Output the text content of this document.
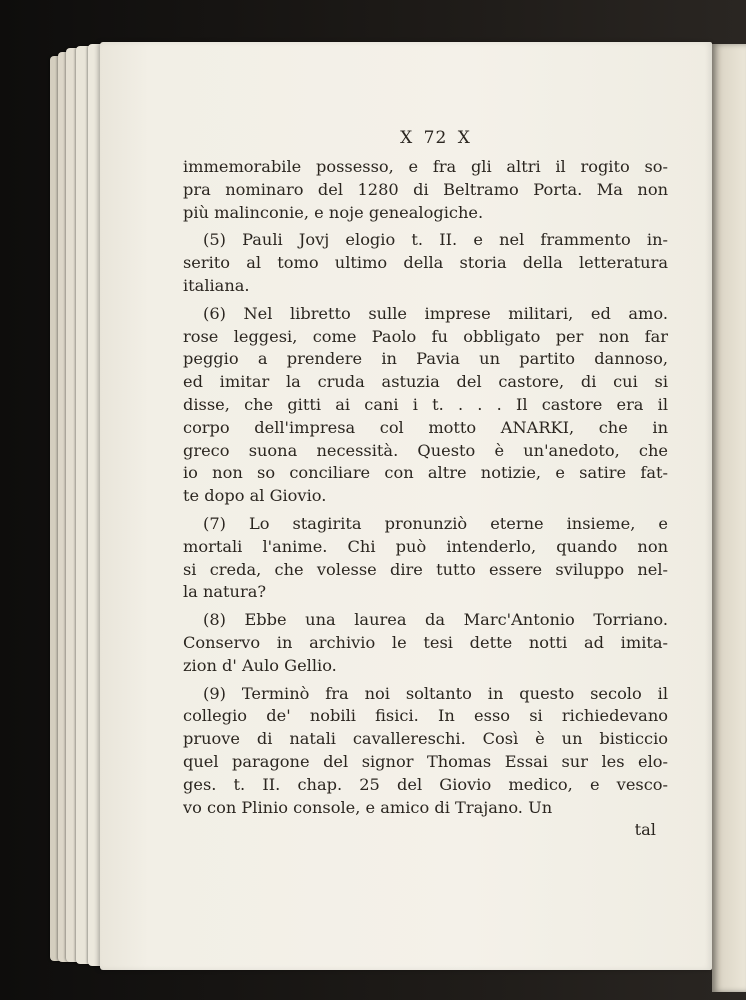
X 72 X
immemorabile possesso, e fra gli altri il rogito so-
pra nominaro del 1280 di Beltramo Porta. Ma non
più malinconie, e noje genealogiche.
(5) Pauli Jovj elogio t. II. e nel frammento in-
serito al tomo ultimo della storia della letteratura
italiana.
(6) Nel libretto sulle imprese militari, ed amo.
rose leggesi, come Paolo fu obbligato per non far
peggio a prendere in Pavia un partito dannoso,
ed imitar la cruda astuzia del castore, di cui si
disse, che gitti ai cani i t. . . . Il castore era il
corpo dell'impresa col motto ANARKI, che in
greco suona necessità. Questo è un'anedoto, che
io non so conciliare con altre notizie, e satire fat-
te dopo al Giovio.
(7) Lo stagirita pronunziò eterne insieme, e
mortali l'anime. Chi può intenderlo, quando non
si creda, che volesse dire tutto essere sviluppo nel-
la natura?
(8) Ebbe una laurea da Marc'Antonio Torriano.
Conservo in archivio le tesi dette notti ad imita-
zion d' Aulo Gellio.
(9) Terminò fra noi soltanto in questo secolo il
collegio de' nobili fisici. In esso si richiedevano
pruove di natali cavallereschi. Così è un bisticcio
quel paragone del signor Thomas Essai sur les elo-
ges. t. II. chap. 25 del Giovio medico, e vesco-
vo con Plinio console, e amico di Trajano. Un
tal
